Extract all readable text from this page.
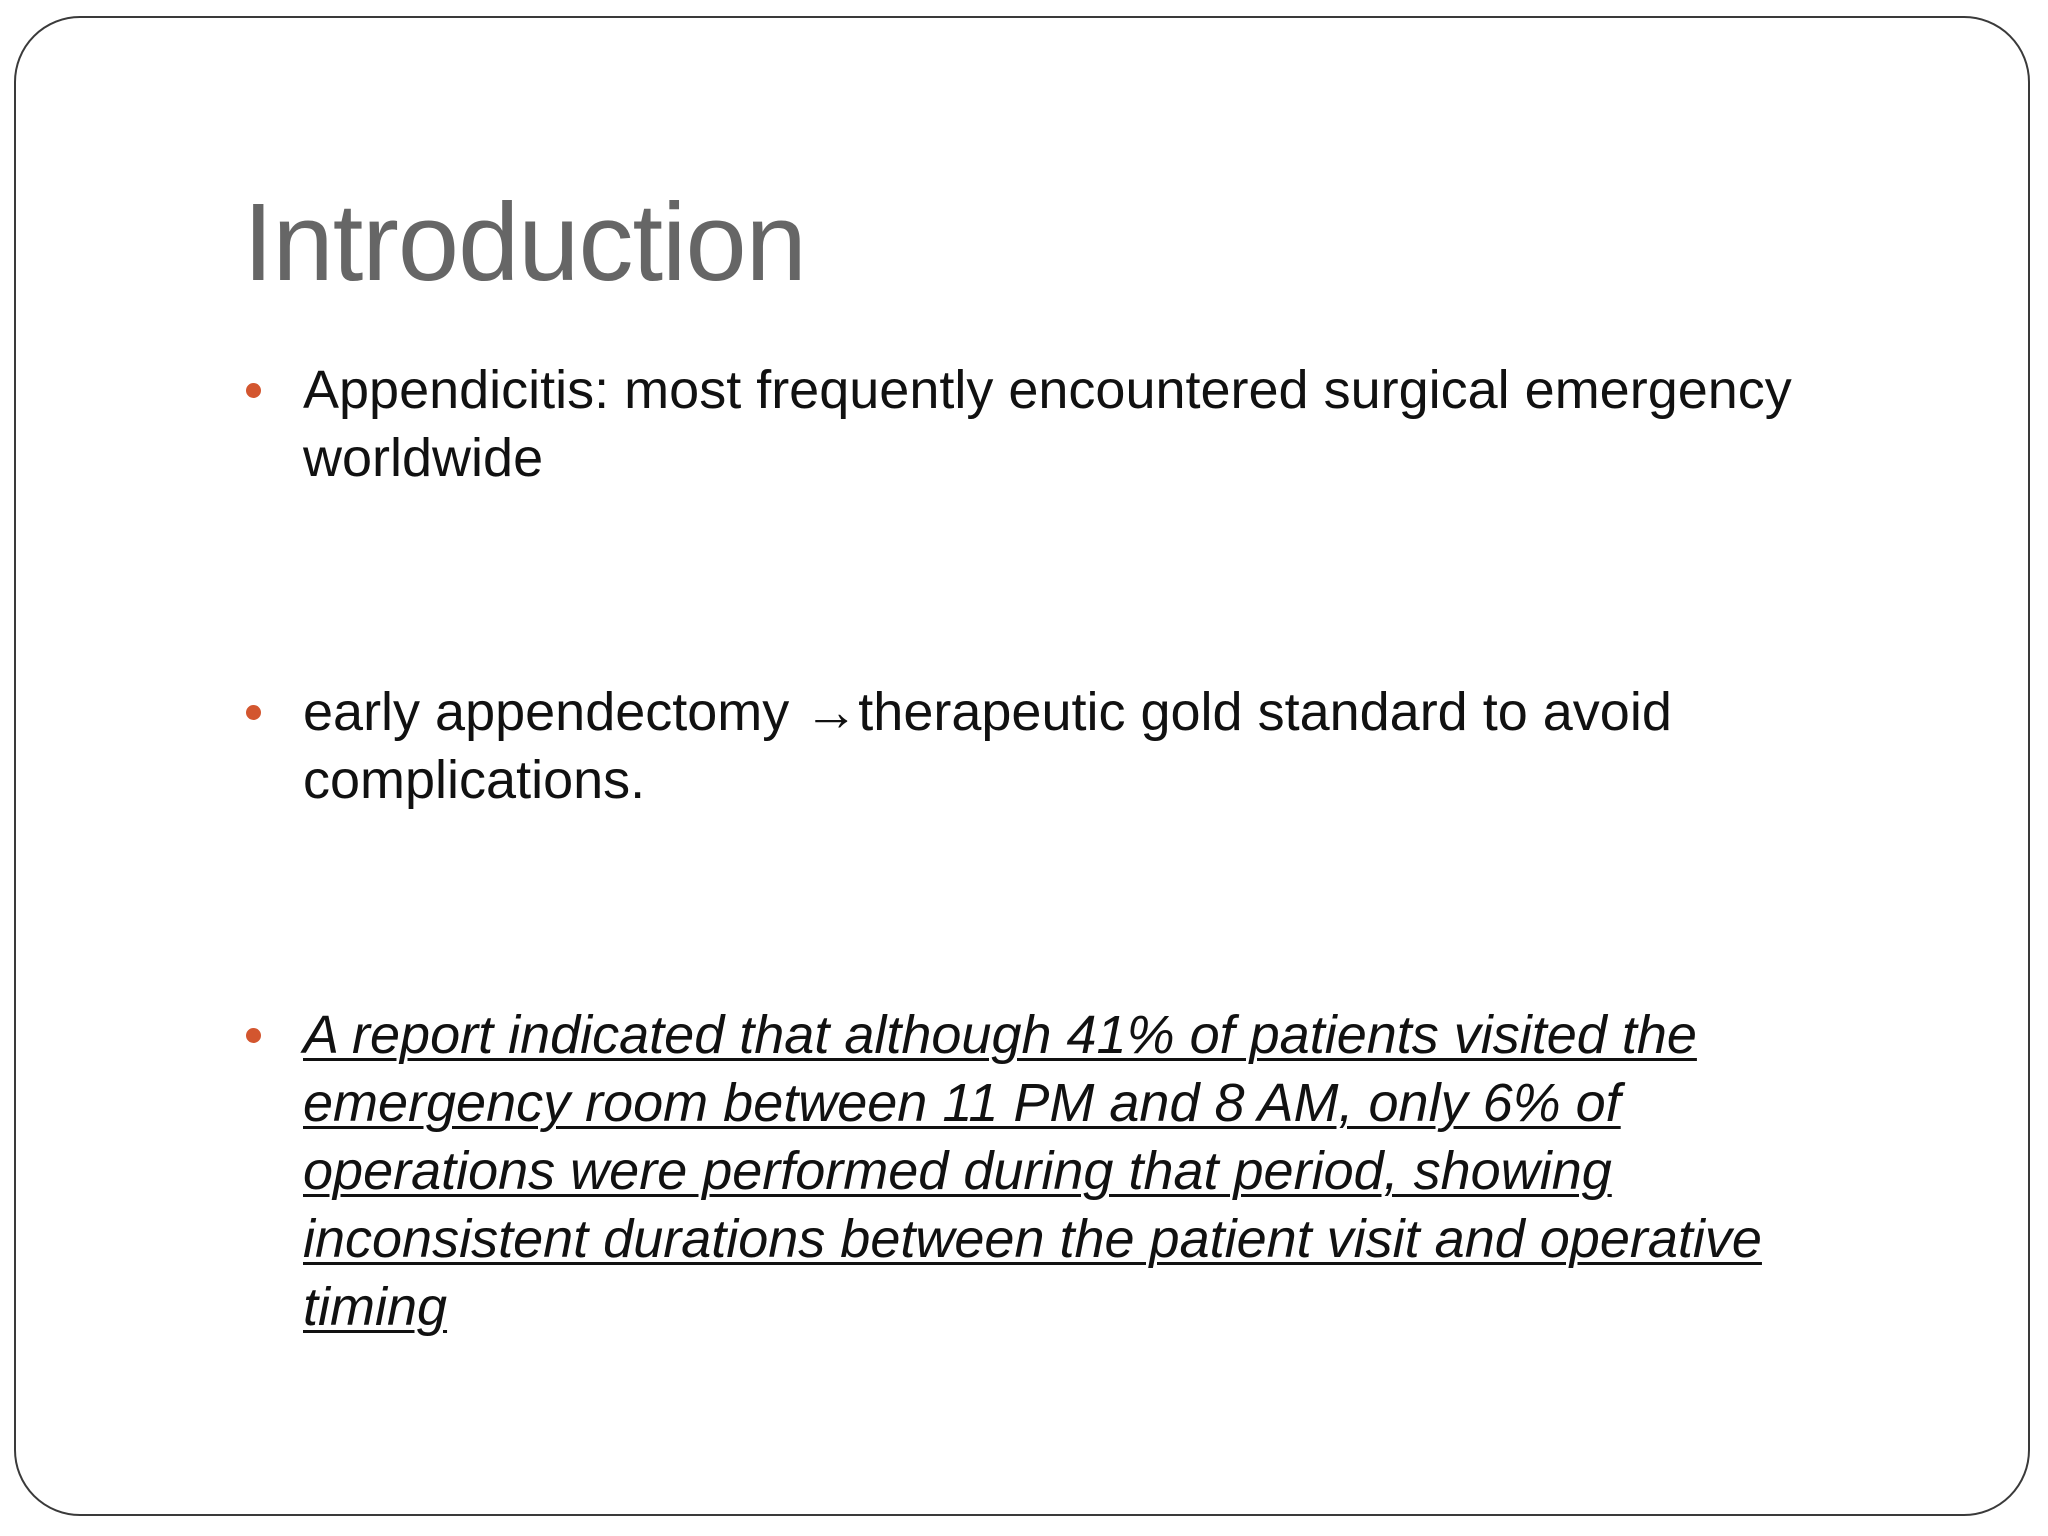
Introduction
Appendicitis: most frequently encountered surgical emergency worldwide
early appendectomy →therapeutic gold standard to avoid complications.
A report indicated that although 41% of patients visited the emergency room between 11 PM and 8 AM, only 6% of operations were performed during that period, showing inconsistent durations between the patient visit and operative timing
